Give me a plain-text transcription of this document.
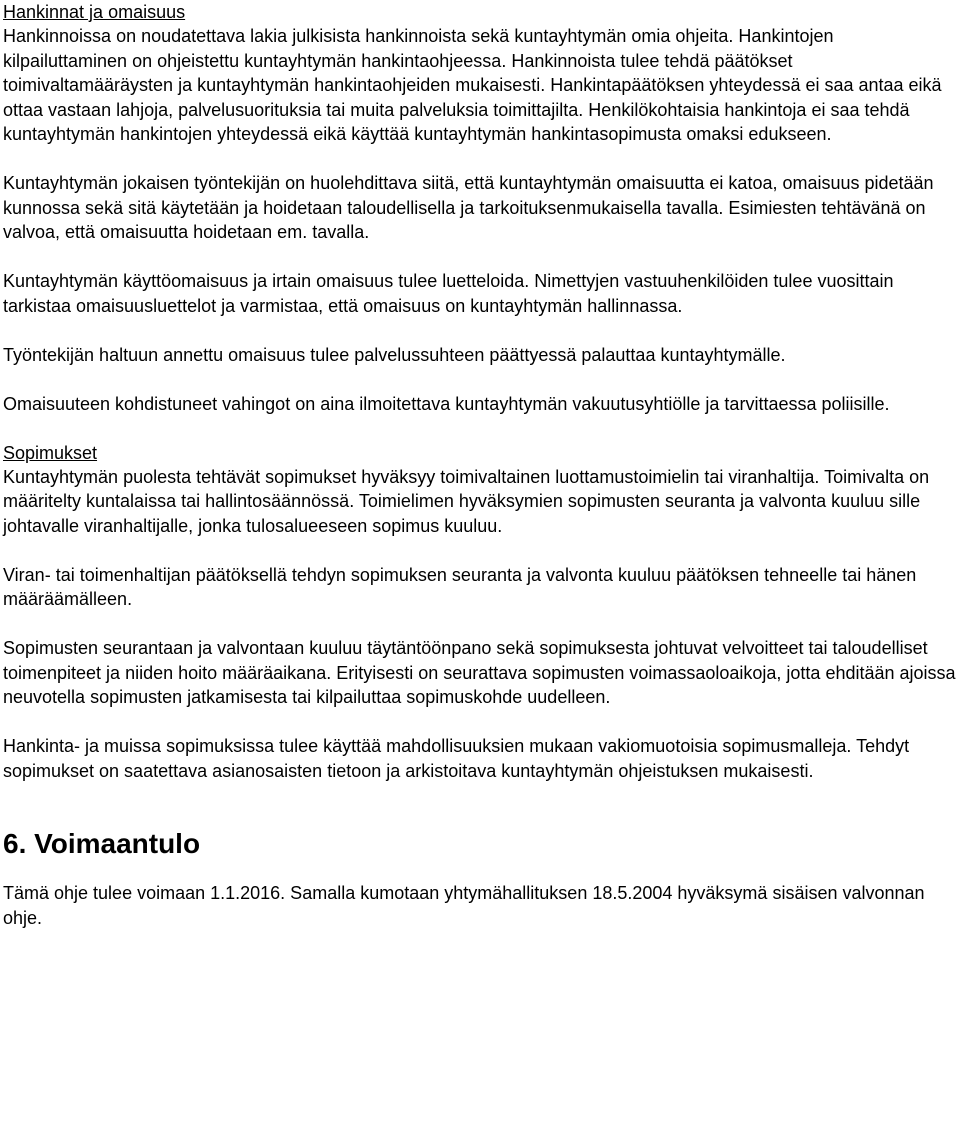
Hankinnat ja omaisuus

Hankinnoissa on noudatettava lakia julkisista hankinnoista sekä kuntayhtymän omia ohjeita. Hankintojen kilpailuttaminen on ohjeistettu kuntayhtymän hankintaohjeessa. Hankinnoista tulee tehdä päätökset toimivaltamääräysten ja kuntayhtymän hankintaohjeiden mukaisesti. Hankintapäätöksen yhteydessä ei saa antaa eikä ottaa vastaan lahjoja, palvelusuorituksia tai muita palveluksia toimittajilta. Henkilökohtaisia hankintoja ei saa tehdä kuntayhtymän hankintojen yhteydessä eikä käyttää kuntayhtymän hankintasopimusta omaksi edukseen.

Kuntayhtymän jokaisen työntekijän on huolehdittava siitä, että kuntayhtymän omaisuutta ei katoa, omaisuus pidetään kunnossa sekä sitä käytetään ja hoidetaan taloudellisella ja tarkoituksenmukaisella tavalla. Esimiesten tehtävänä on valvoa, että omaisuutta hoidetaan em. tavalla.

Kuntayhtymän käyttöomaisuus ja irtain omaisuus tulee luetteloida. Nimettyjen vastuuhenkilöiden tulee vuosittain tarkistaa omaisuusluettelot ja varmistaa, että omaisuus on kuntayhtymän hallinnassa.

Työntekijän haltuun annettu omaisuus tulee palvelussuhteen päättyessä palauttaa kuntayhtymälle.

Omaisuuteen kohdistuneet vahingot on aina ilmoitettava kuntayhtymän vakuutusyhtiölle ja tarvittaessa poliisille.

Sopimukset

Kuntayhtymän puolesta tehtävät sopimukset hyväksyy toimivaltainen luottamustoimielin tai viranhaltija. Toimivalta on määritelty kuntalaissa tai hallintosäännössä. Toimielimen hyväksymien sopimusten seuranta ja valvonta kuuluu sille johtavalle viranhaltijalle, jonka tulosalueeseen sopimus kuuluu.

Viran- tai toimenhaltijan päätöksellä tehdyn sopimuksen seuranta ja valvonta kuuluu päätöksen tehneelle tai hänen määräämälleen.

Sopimusten seurantaan ja valvontaan kuuluu täytäntöönpano sekä sopimuksesta johtuvat velvoitteet tai taloudelliset toimenpiteet ja niiden hoito määräaikana. Erityisesti on seurattava sopimusten voimassaoloaikoja, jotta ehditään ajoissa neuvotella sopimusten jatkamisesta tai kilpailuttaa sopimuskohde uudelleen.

Hankinta- ja muissa sopimuksissa tulee käyttää mahdollisuuksien mukaan vakiomuotoisia sopimusmalleja. Tehdyt sopimukset on saatettava asianosaisten tietoon ja arkistoitava kuntayhtymän ohjeistuksen mukaisesti.

6. Voimaantulo

Tämä ohje tulee voimaan 1.1.2016. Samalla kumotaan yhtymähallituksen 18.5.2004 hyväksymä sisäisen valvonnan ohje.
